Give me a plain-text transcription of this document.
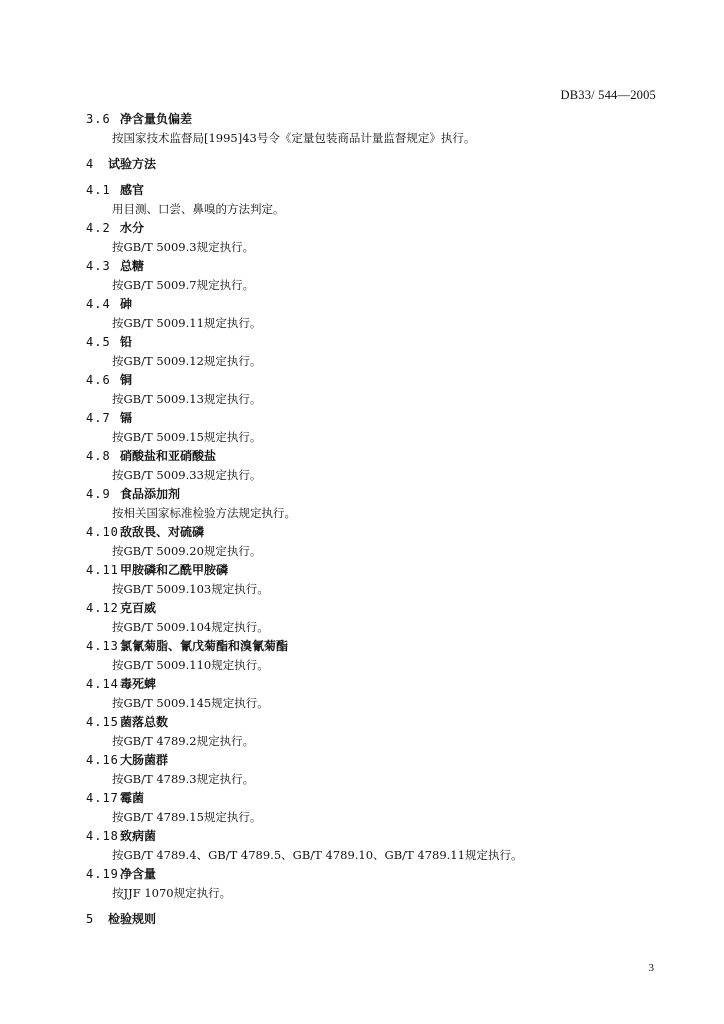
DB33/ 544—2005
3.6 净含量负偏差
按国家技术监督局[1995]43号令《定量包装商品计量监督规定》执行。
4 试验方法
4.1 感官
用目测、口尝、鼻嗅的方法判定。
4.2 水分
按GB/T 5009.3规定执行。
4.3 总糖
按GB/T 5009.7规定执行。
4.4 砷
按GB/T 5009.11规定执行。
4.5 铅
按GB/T 5009.12规定执行。
4.6 铜
按GB/T 5009.13规定执行。
4.7 镉
按GB/T 5009.15规定执行。
4.8 硝酸盐和亚硝酸盐
按GB/T 5009.33规定执行。
4.9 食品添加剂
按相关国家标准检验方法规定执行。
4.10敌敌畏、对硫磷
按GB/T 5009.20规定执行。
4.11甲胺磷和乙酰甲胺磷
按GB/T 5009.103规定执行。
4.12克百威
按GB/T 5009.104规定执行。
4.13氯氰菊脂、氰戊菊酯和溴氰菊酯
按GB/T 5009.110规定执行。
4.14毒死蜱
按GB/T 5009.145规定执行。
4.15菌落总数
按GB/T 4789.2规定执行。
4.16大肠菌群
按GB/T 4789.3规定执行。
4.17霉菌
按GB/T 4789.15规定执行。
4.18致病菌
按GB/T 4789.4、GB/T 4789.5、GB/T 4789.10、GB/T 4789.11规定执行。
4.19净含量
按JJF 1070规定执行。
5 检验规则
3
